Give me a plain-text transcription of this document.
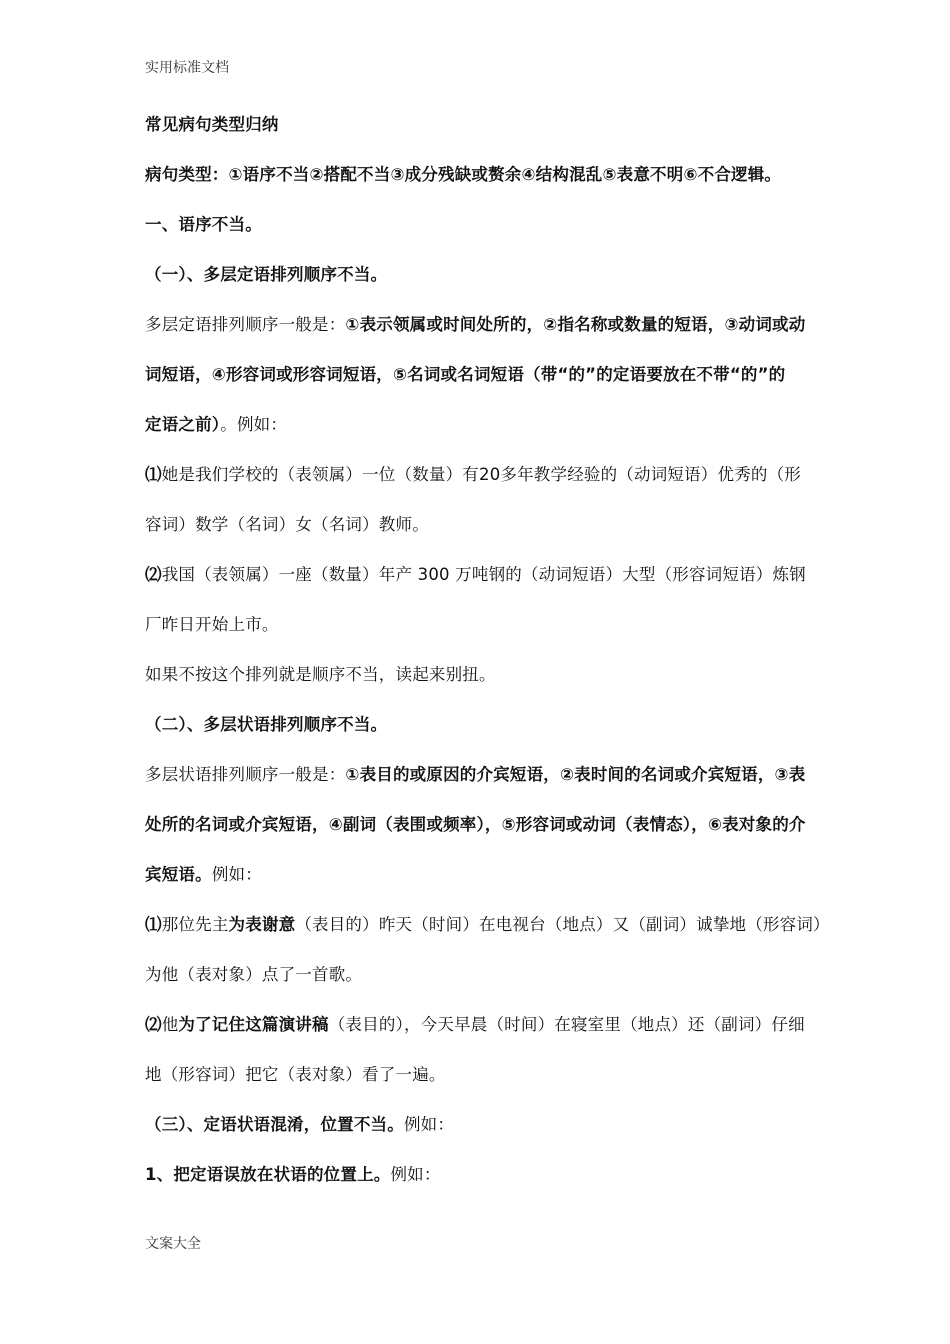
实用标准文档
常见病句类型归纳
病句类型：①语序不当②搭配不当③成分残缺或赘余④结构混乱⑤表意不明⑥不合逻辑。
一、语序不当。
（一）、多层定语排列顺序不当。
多层定语排列顺序一般是：①表示领属或时间处所的，②指名称或数量的短语，③动词或动
词短语，④形容词或形容词短语，⑤名词或名词短语（带“的”的定语要放在不带“的”的
定语之前）。例如：
⑴她是我们学校的（表领属）一位（数量）有20多年教学经验的（动词短语）优秀的（形
容词）数学（名词）女（名词）教师。
⑵我国（表领属）一座（数量）年产 300 万吨钢的（动词短语）大型（形容词短语）炼钢
厂昨日开始上市。
如果不按这个排列就是顺序不当，读起来别扭。
（二）、多层状语排列顺序不当。
多层状语排列顺序一般是：①表目的或原因的介宾短语，②表时间的名词或介宾短语，③表
处所的名词或介宾短语，④副词（表围或频率），⑤形容词或动词（表情态），⑥表对象的介
宾短语。例如：
⑴那位先主为表谢意（表目的）昨天（时间）在电视台（地点）又（副词）诚挚地（形容词）
为他（表对象）点了一首歌。
⑵他为了记住这篇演讲稿（表目的），今天早晨（时间）在寝室里（地点）还（副词）仔细
地（形容词）把它（表对象）看了一遍。
（三）、定语状语混淆，位置不当。例如：
1、把定语误放在状语的位置上。例如：
文案大全
